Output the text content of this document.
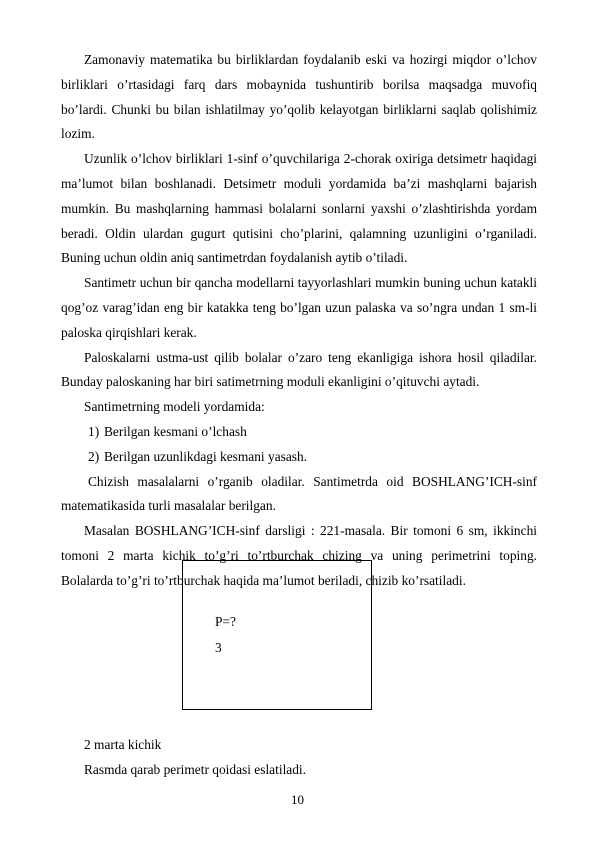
Zamonaviy matematika bu birliklardan foydalanib eski va hozirgi miqdor o’lchov birliklari o’rtasidagi farq dars mobaynida tushuntirib borilsa maqsadga muvofiq bo’lardi. Chunki bu bilan ishlatilmay yo’qolib kelayotgan birliklarni saqlab qolishimiz lozim.

Uzunlik o’lchov birliklari 1-sinf o’quvchilariga 2-chorak oxiriga detsimetr haqidagi ma’lumot bilan boshlanadi. Detsimetr moduli yordamida ba’zi mashqlarni bajarish mumkin. Bu mashqlarning hammasi bolalarni sonlarni yaxshi o’zlashtirishda yordam beradi. Oldin ulardan gugurt qutisini cho’plarini, qalamning uzunligini o’rganiladi. Buning uchun oldin aniq santimetrdan foydalanish aytib o’tiladi.

Santimetr uchun bir qancha modellarni tayyorlashlari mumkin buning uchun katakli qog’oz varag’idan eng bir katakka teng bo’lgan uzun palaska va so’ngra undan 1 sm-li paloska qirqishlari kerak.

Paloskalarni ustma-ust qilib bolalar o’zaro teng ekanligiga ishora hosil qiladilar. Bunday paloskaning har biri satimetrning moduli ekanligini o’qituvchi aytadi.

Santimetrning modeli yordamida:

1) Berilgan kesmani o’lchash
2) Berilgan uzunlikdagi kesmani yasash.

Chizish masalalarni o’rganib oladilar. Santimetrda oid BOSHLANG’ICH-sinf matematikasida turli masalalar berilgan.

Masalan BOSHLANG’ICH-sinf darsligi : 221-masala. Bir tomoni 6 sm, ikkinchi tomoni 2 marta kichik to’g’ri to’rtburchak chizing va uning perimetrini toping. Bolalarda to’g’ri to’rtburchak haqida ma’lumot beriladi, chizib ko’rsatiladi.

P=?
3

2 marta kichik

Rasmda qarab perimetr qoidasi eslatiladi.

10
